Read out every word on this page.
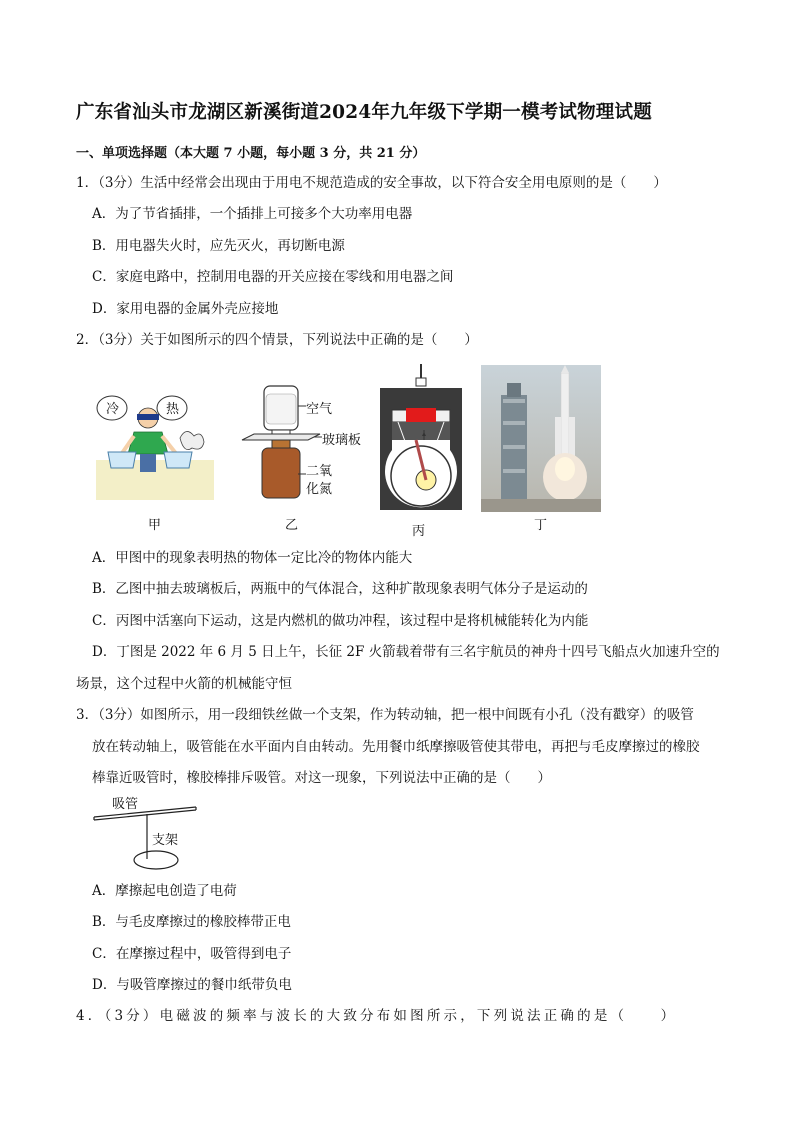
广东省汕头市龙湖区新溪街道2024年九年级下学期一模考试物理试题
一、单项选择题（本大题 7 小题，每小题 3 分，共 21 分）
1．（3分）生活中经常会出现由于用电不规范造成的安全事故，以下符合安全用电原则的是（　　）
A．为了节省插排，一个插排上可接多个大功率用电器
B．用电器失火时，应先灭火，再切断电源
C．家庭电路中，控制用电器的开关应接在零线和用电器之间
D．家用电器的金属外壳应接地
2．（3分）关于如图所示的四个情景，下列说法中正确的是（　　）
冷	热
甲
空气
玻璃板
二氧
化氮
乙	丙	丁
A．甲图中的现象表明热的物体一定比冷的物体内能大
B．乙图中抽去玻璃板后，两瓶中的气体混合，这种扩散现象表明气体分子是运动的
C．丙图中活塞向下运动，这是内燃机的做功冲程，该过程中是将机械能转化为内能
D．丁图是 2022 年 6 月 5 日上午，长征 2F 火箭载着带有三名宇航员的神舟十四号飞船点火加速升空的
场景，这个过程中火箭的机械能守恒
3．（3分）如图所示，用一段细铁丝做一个支架，作为转动轴，把一根中间既有小孔（没有戳穿）的吸管
放在转动轴上，吸管能在水平面内自由转动。先用餐巾纸摩擦吸管使其带电，再把与毛皮摩擦过的橡胶
棒靠近吸管时，橡胶棒排斥吸管。对这一现象，下列说法中正确的是（　　）
吸管
支架
A．摩擦起电创造了电荷
B．与毛皮摩擦过的橡胶棒带正电
C．在摩擦过程中，吸管得到电子
D．与吸管摩擦过的餐巾纸带负电
4．（3分）电磁波的频率与波长的大致分布如图所示，下列说法正确的是（　　）
